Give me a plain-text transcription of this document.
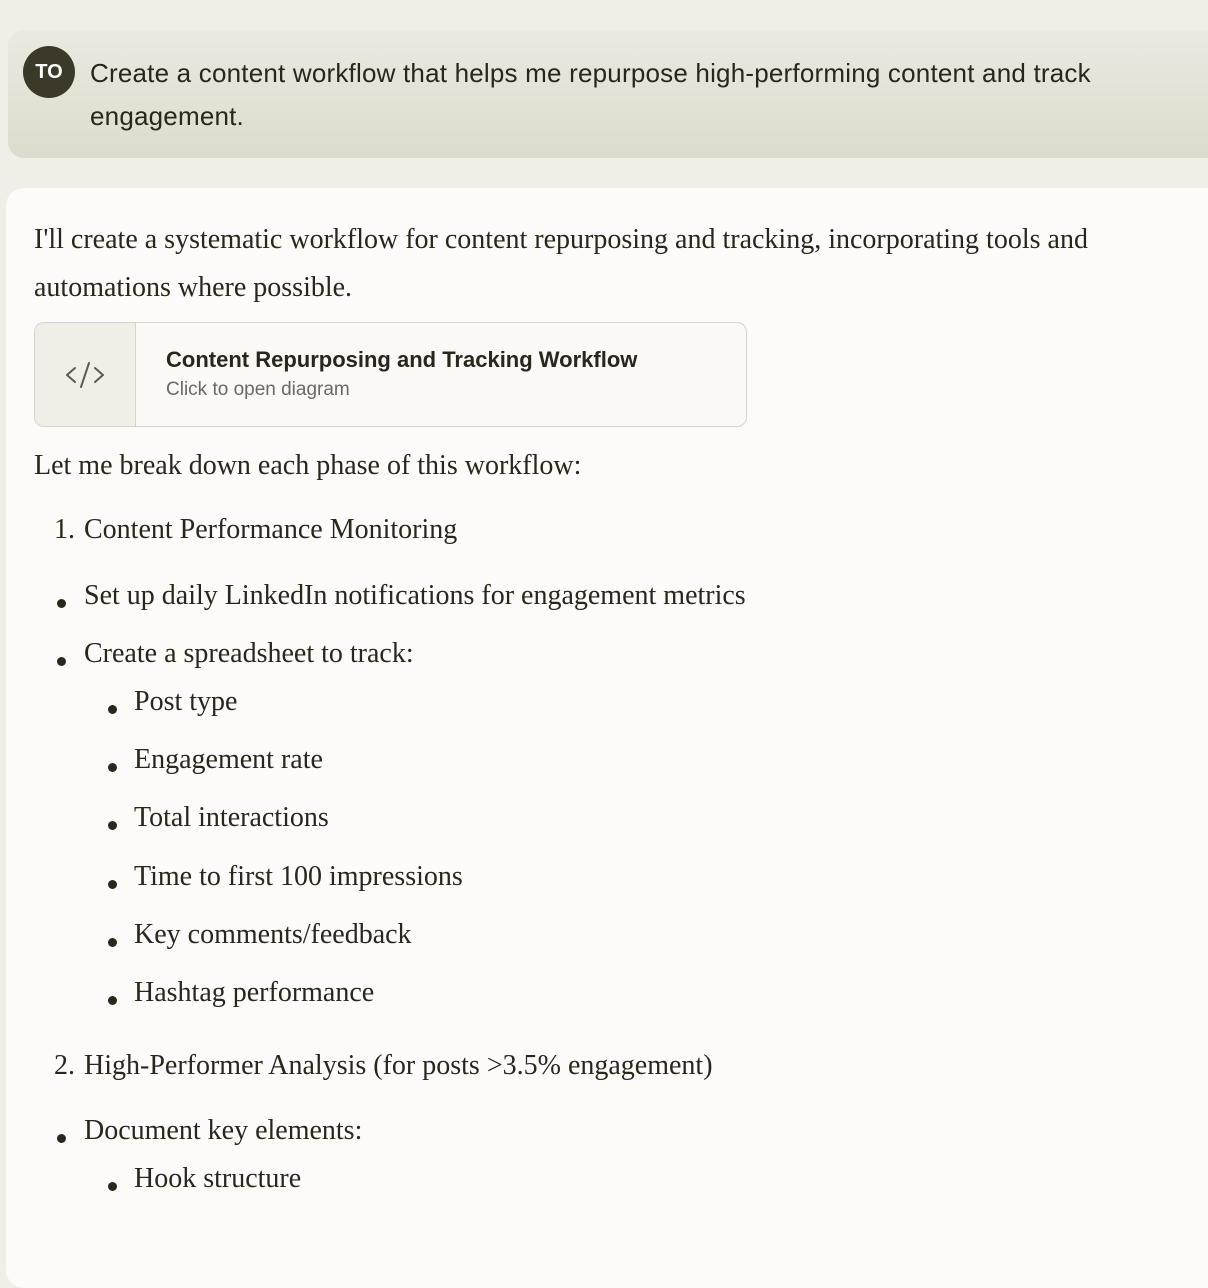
TO	Create a content workflow that helps me repurpose high-performing content and track engagement.
I'll create a systematic workflow for content repurposing and tracking, incorporating tools and automations where possible.
Content Repurposing and Tracking Workflow
Click to open diagram
Let me break down each phase of this workflow:
1. Content Performance Monitoring
Set up daily LinkedIn notifications for engagement metrics
Create a spreadsheet to track:
Post type
Engagement rate
Total interactions
Time to first 100 impressions
Key comments/feedback
Hashtag performance
2. High-Performer Analysis (for posts >3.5% engagement)
Document key elements:
Hook structure
